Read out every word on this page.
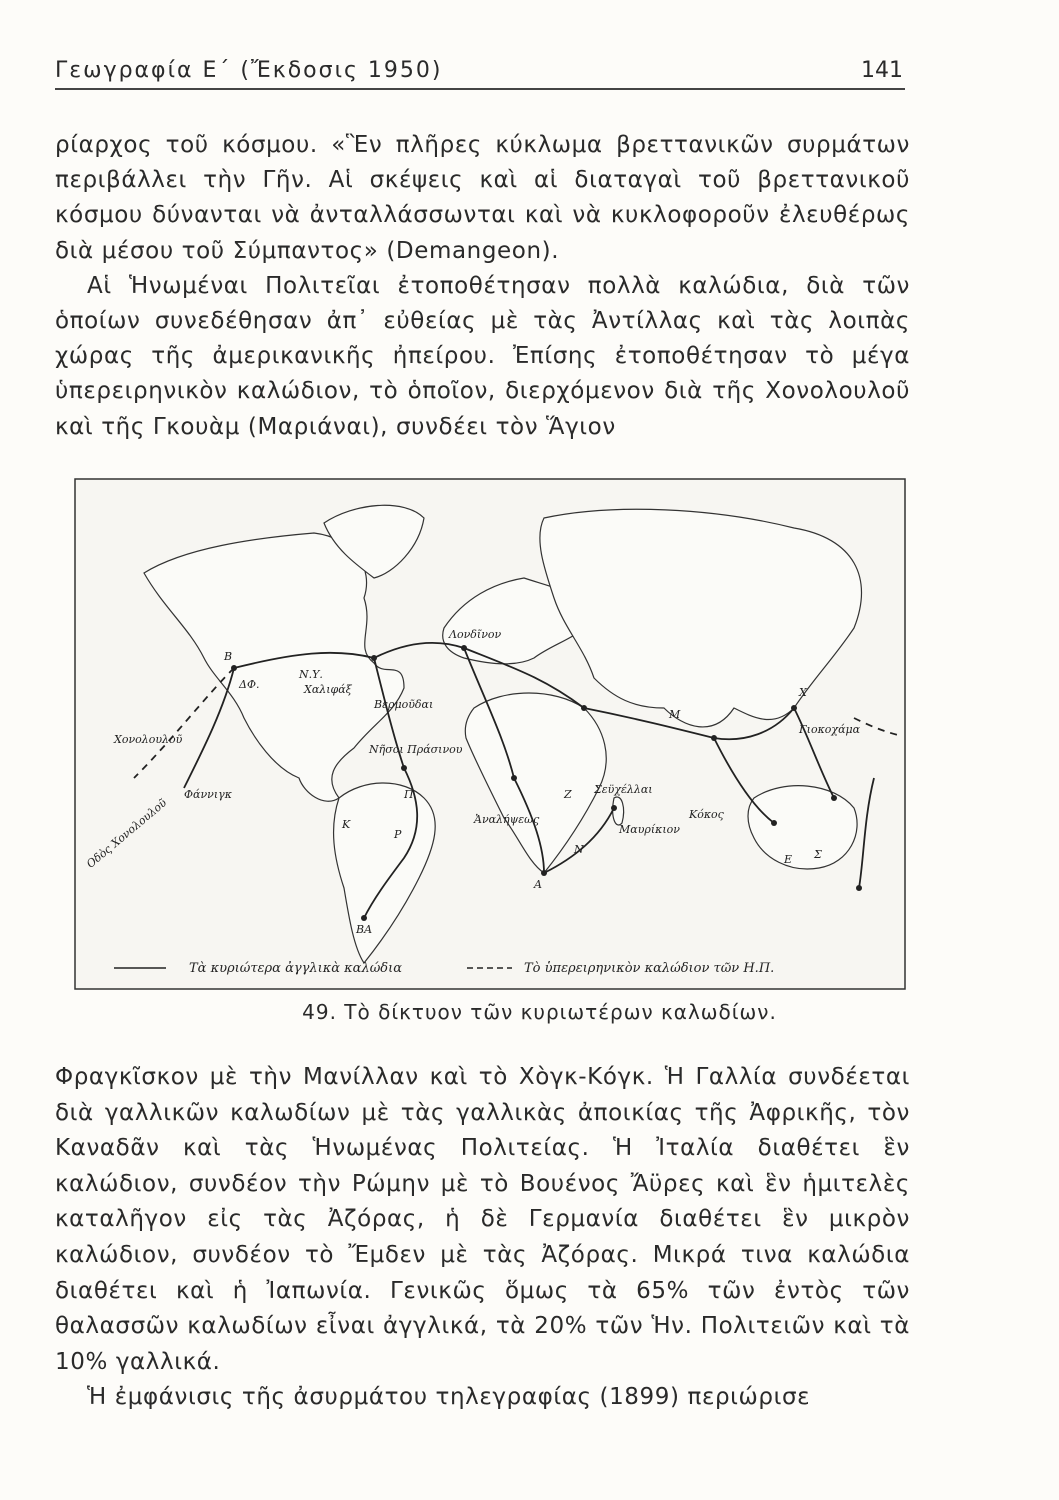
Γεωγραφία Ε΄ (Ἔκδοσις 1950)	141

ρίαρχος τοῦ κόσμου. «Ἓν πλῆρες κύκλωμα βρεττανικῶν συρμάτων περιβάλλει τὴν Γῆν. Αἱ σκέψεις καὶ αἱ διαταγαὶ τοῦ βρεττανικοῦ κόσμου δύνανται νὰ ἀνταλλάσσωνται καὶ νὰ κυκλοφοροῦν ἐλευθέρως διὰ μέσου τοῦ Σύμπαντος» (Demangeon).

Αἱ Ἡνωμέναι Πολιτεῖαι ἐτοποθέτησαν πολλὰ καλώδια, διὰ τῶν ὁποίων συνεδέθησαν ἀπ᾿ εὐθείας μὲ τὰς Ἀντίλλας καὶ τὰς λοιπὰς χώρας τῆς ἀμερικανικῆς ἠπείρου. Ἐπίσης ἐτοποθέτησαν τὸ μέγα ὑπερειρηνικὸν καλώδιον, τὸ ὁποῖον, διερχόμενον διὰ τῆς Χονολουλοῦ καὶ τῆς Γκουὰμ (Μαριάναι), συνδέει τὸν Ἅγιον

Λονδῖνον
Χαλιφάξ
Ν.Υ.
Βερμοῦδαι
Νῆσοι Πράσινου
Ἀναλήψεως
Σεϋχέλλαι
Μαυρίκιον
Κόκος
Χονολουλοῦ
Φάννιγκ
Γιοκοχάμα
Β
Α
Μ
Ζ
Ν
Ρ
Κ
ΒΑ
ΔΦ.
Χ
Σ
Π
Ε
Οδὸς Χονολουλοῦ
Τὰ κυριώτερα ἀγγλικὰ καλώδια	Τὸ ὑπερειρηνικὸν καλώδιον τῶν Η.Π.
49. Τὸ δίκτυον τῶν κυριωτέρων καλωδίων.

Φραγκῖσκον μὲ τὴν Μανίλλαν καὶ τὸ Χὸγκ-Κόγκ. Ἡ Γαλλία συνδέεται διὰ γαλλικῶν καλωδίων μὲ τὰς γαλλικὰς ἀποικίας τῆς Ἀφρικῆς, τὸν Καναδᾶν καὶ τὰς Ἡνωμένας Πολιτείας. Ἡ Ἰταλία διαθέτει ἓν καλώδιον, συνδέον τὴν Ρώμην μὲ τὸ Βουένος Ἄϋρες καὶ ἓν ἡμιτελὲς καταλῆγον εἰς τὰς Ἀζόρας, ἡ δὲ Γερμανία διαθέτει ἓν μικρὸν καλώδιον, συνδέον τὸ Ἔμδεν μὲ τὰς Ἀζόρας. Μικρά τινα καλώδια διαθέτει καὶ ἡ Ἰαπωνία. Γενικῶς ὅμως τὰ 65% τῶν ἐντὸς τῶν θαλασσῶν καλωδίων εἶναι ἀγγλικά, τὰ 20% τῶν Ἡν. Πολιτειῶν καὶ τὰ 10% γαλλικά.

Ἡ ἐμφάνισις τῆς ἀσυρμάτου τηλεγραφίας (1899) περιώρισε
